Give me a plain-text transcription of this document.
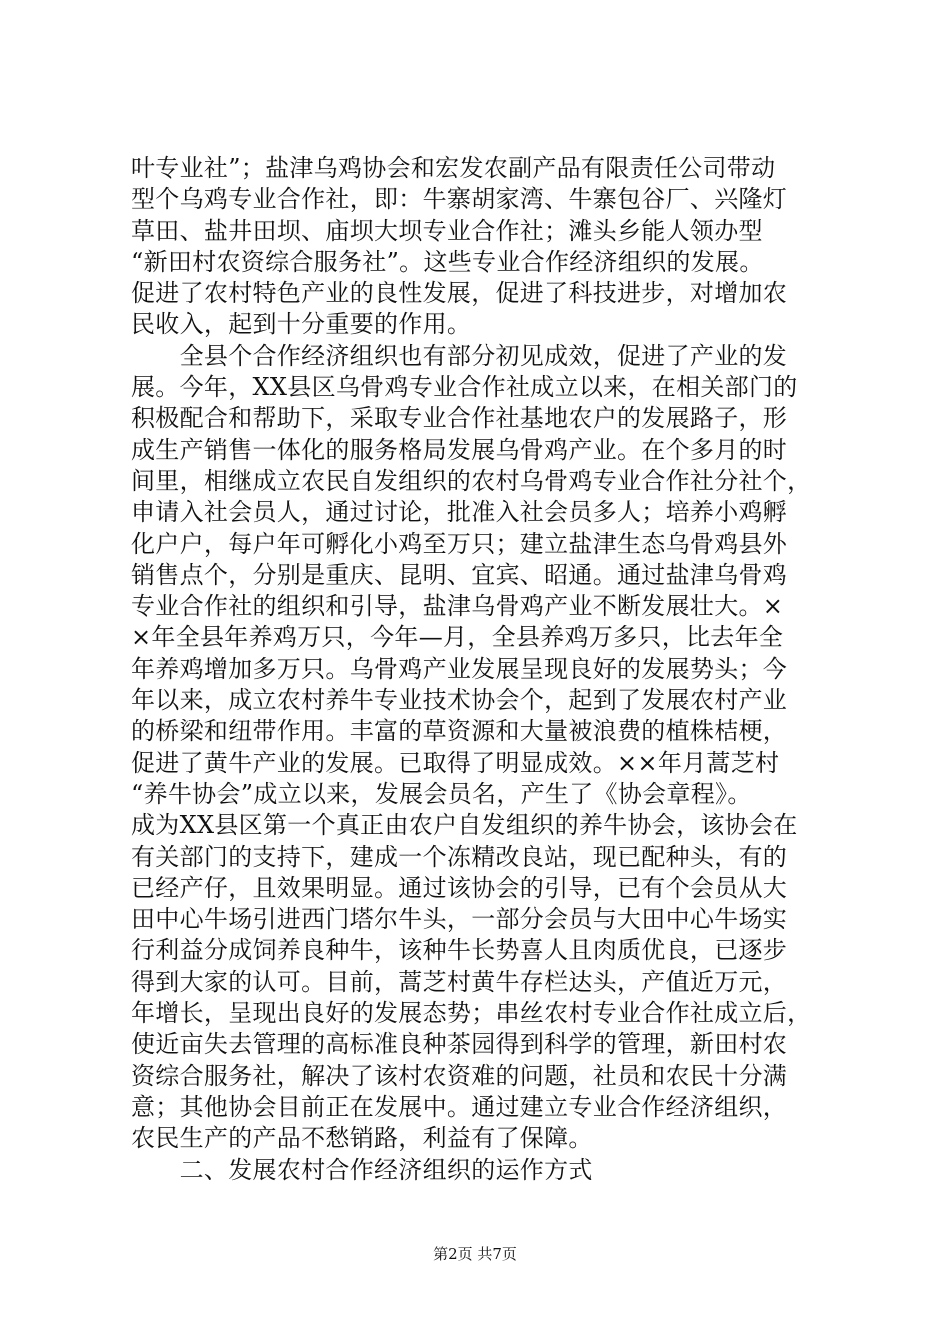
叶专业社”；盐津乌鸡协会和宏发农副产品有限责任公司带动
型个乌鸡专业合作社，即：牛寨胡家湾、牛寨包谷厂、兴隆灯
草田、盐井田坝、庙坝大坝专业合作社；滩头乡能人领办型
“新田村农资综合服务社”。这些专业合作经济组织的发展。
促进了农村特色产业的良性发展，促进了科技进步，对增加农
民收入，起到十分重要的作用。
　　全县个合作经济组织也有部分初见成效，促进了产业的发
展。今年，XX县区乌骨鸡专业合作社成立以来，在相关部门的
积极配合和帮助下，采取专业合作社基地农户的发展路子，形
成生产销售一体化的服务格局发展乌骨鸡产业。在个多月的时
间里，相继成立农民自发组织的农村乌骨鸡专业合作社分社个，
申请入社会员人，通过讨论，批准入社会员多人；培养小鸡孵
化户户，每户年可孵化小鸡至万只；建立盐津生态乌骨鸡县外
销售点个，分别是重庆、昆明、宜宾、昭通。通过盐津乌骨鸡
专业合作社的组织和引导，盐津乌骨鸡产业不断发展壮大。×
×年全县年养鸡万只，今年—月，全县养鸡万多只，比去年全
年养鸡增加多万只。乌骨鸡产业发展呈现良好的发展势头；今
年以来，成立农村养牛专业技术协会个，起到了发展农村产业
的桥梁和纽带作用。丰富的草资源和大量被浪费的植株桔梗，
促进了黄牛产业的发展。已取得了明显成效。××年月蒿芝村
“养牛协会”成立以来，发展会员名，产生了《协会章程》。
成为XX县区第一个真正由农户自发组织的养牛协会，该协会在
有关部门的支持下，建成一个冻精改良站，现已配种头，有的
已经产仔，且效果明显。通过该协会的引导，已有个会员从大
田中心牛场引进西门塔尔牛头，一部分会员与大田中心牛场实
行利益分成饲养良种牛，该种牛长势喜人且肉质优良，已逐步
得到大家的认可。目前，蒿芝村黄牛存栏达头，产值近万元，
年增长，呈现出良好的发展态势；串丝农村专业合作社成立后，
使近亩失去管理的高标准良种茶园得到科学的管理，新田村农
资综合服务社，解决了该村农资难的问题，社员和农民十分满
意；其他协会目前正在发展中。通过建立专业合作经济组织，
农民生产的产品不愁销路，利益有了保障。
　　二、发展农村合作经济组织的运作方式
第2页 共7页
